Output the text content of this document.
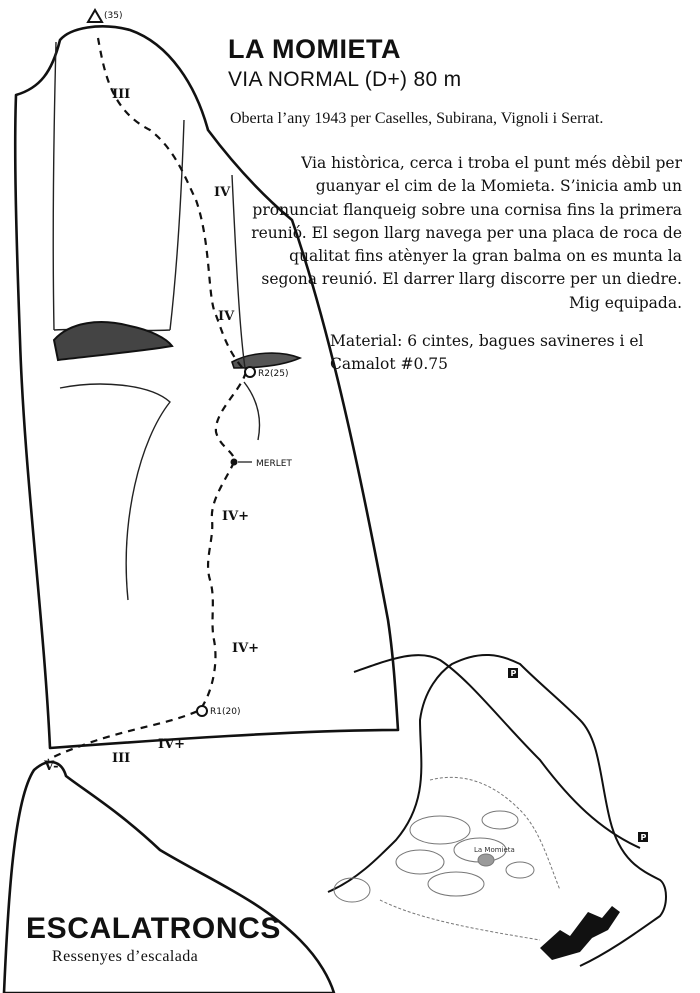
(35)
R2(25)
R1(20)
MERLET
III
IV
IV
IV+
IV+
V-
III
IV+
La Momieta
P
P
LA MOMIETA
VIA NORMAL (D+) 80 m
Oberta l’any 1943 per Caselles, Subirana, Vignoli i Serrat.

Via històrica, cerca i troba el punt més dèbil per guanyar el cim de la Momieta. S’inicia amb un pronunciat flanqueig sobre una cornisa fins la primera reunió. El segon llarg navega per una placa de roca de qualitat fins atènyer la gran balma on es munta la segona reunió. El darrer llarg discorre per un diedre. Mig equipada.

Material: 6 cintes, bagues savineres i el Camalot #0.75

ESCALATRONCS
Ressenyes d’escalada
